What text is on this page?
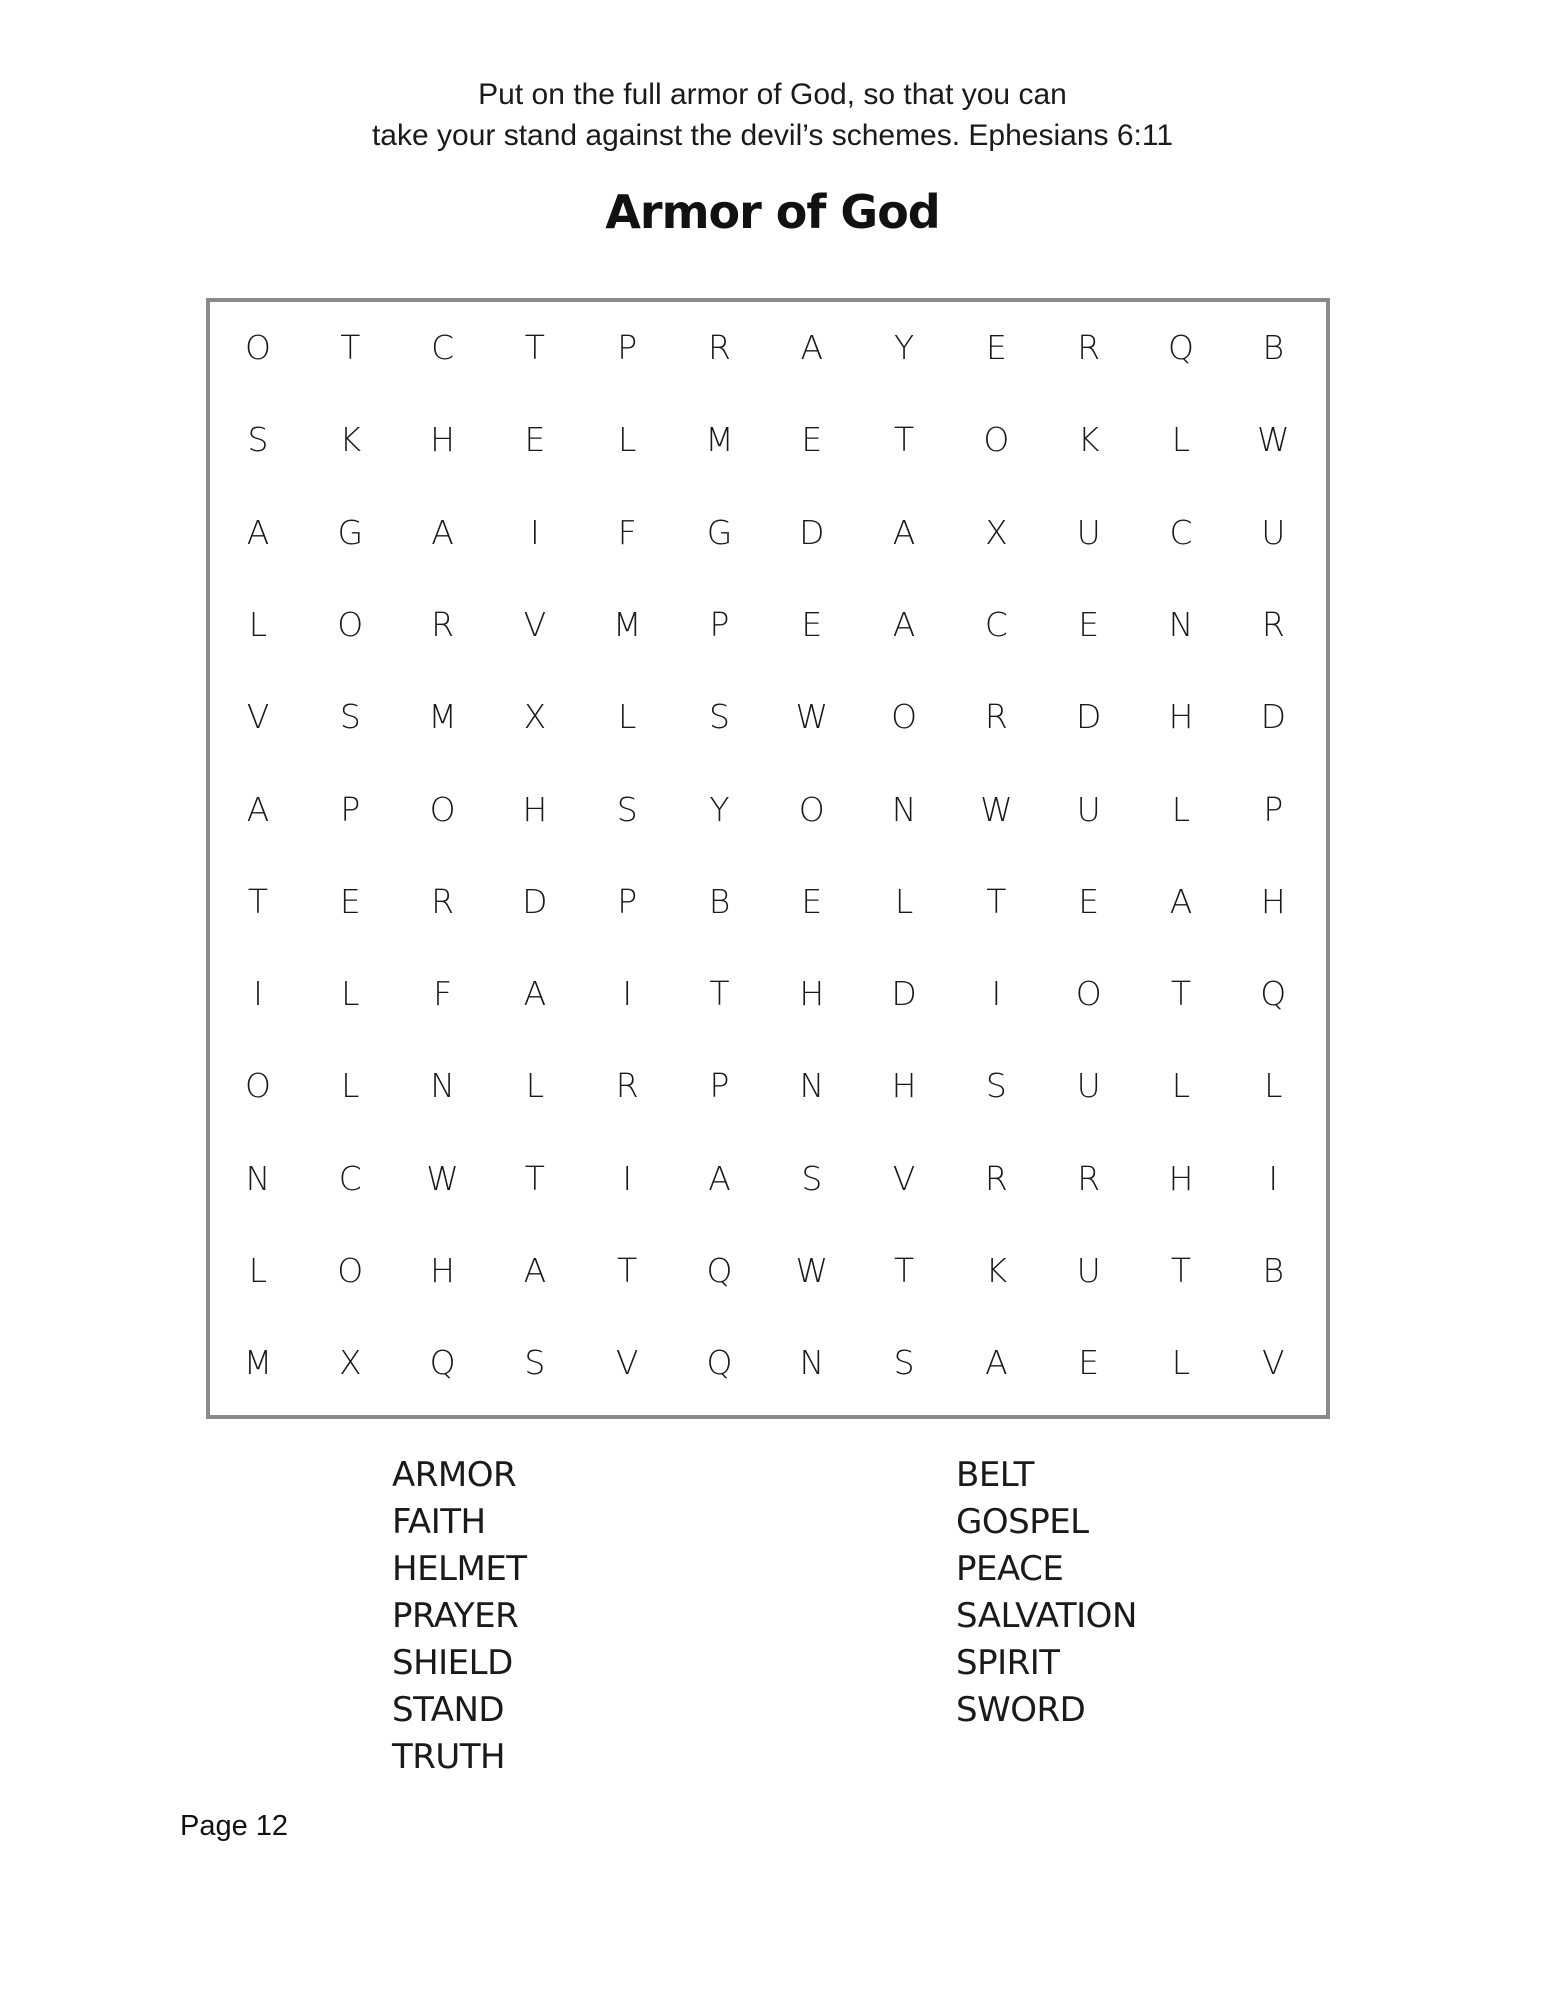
Put on the full armor of God, so that you can
take your stand against the devil’s schemes. Ephesians 6:11
Armor of God
O	T	C	T	P	R	A	Y	E	R	Q	B
S	K	H	E	L	M	E	T	O	K	L	W
A	G	A	I	F	G	D	A	X	U	C	U
L	O	R	V	M	P	E	A	C	E	N	R
V	S	M	X	L	S	W	O	R	D	H	D
A	P	O	H	S	Y	O	N	W	U	L	P
T	E	R	D	P	B	E	L	T	E	A	H
I	L	F	A	I	T	H	D	I	O	T	Q
O	L	N	L	R	P	N	H	S	U	L	L
N	C	W	T	I	A	S	V	R	R	H	I
L	O	H	A	T	Q	W	T	K	U	T	B
M	X	Q	S	V	Q	N	S	A	E	L	V
ARMOR
FAITH
HELMET
PRAYER
SHIELD
STAND
TRUTH
BELT
GOSPEL
PEACE
SALVATION
SPIRIT
SWORD
Page 12
